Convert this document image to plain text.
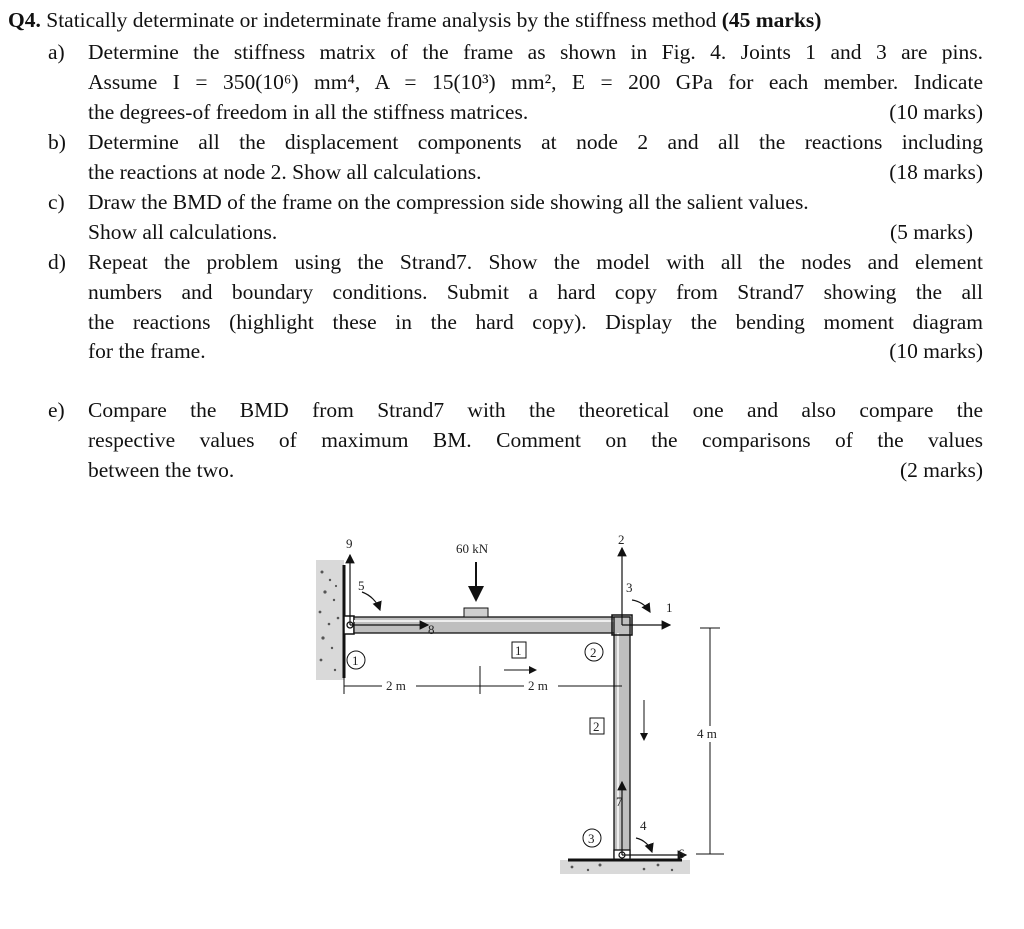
Q4. Statically determinate or indeterminate frame analysis by the stiffness method (45 marks)
a) Determine the stiffness matrix of the frame as shown in Fig. 4. Joints 1 and 3 are pins.
Assume I = 350(10⁶) mm⁴, A = 15(10³) mm², E = 200 GPa for each member. Indicate
the degrees-of freedom in all the stiffness matrices.	(10 marks)
b) Determine all the displacement components at node 2 and all the reactions including
the reactions at node 2. Show all calculations.	(18 marks)
c) Draw the BMD of the frame on the compression side showing all the salient values.
Show all calculations.	(5 marks)
d) Repeat the problem using the Strand7. Show the model with all the nodes and element
numbers and boundary conditions. Submit a hard copy from Strand7 showing the all
the reactions (highlight these in the hard copy). Display the bending moment diagram
for the frame.	(10 marks)
e) Compare the BMD from Strand7 with the theoretical one and also compare the
respective values of maximum BM. Comment on the comparisons of the values
between the two.	(2 marks)
60 kN
8
9
5
2
1
3
7
6
4
1
2
3
1
2
2 m	2 m
4 m
